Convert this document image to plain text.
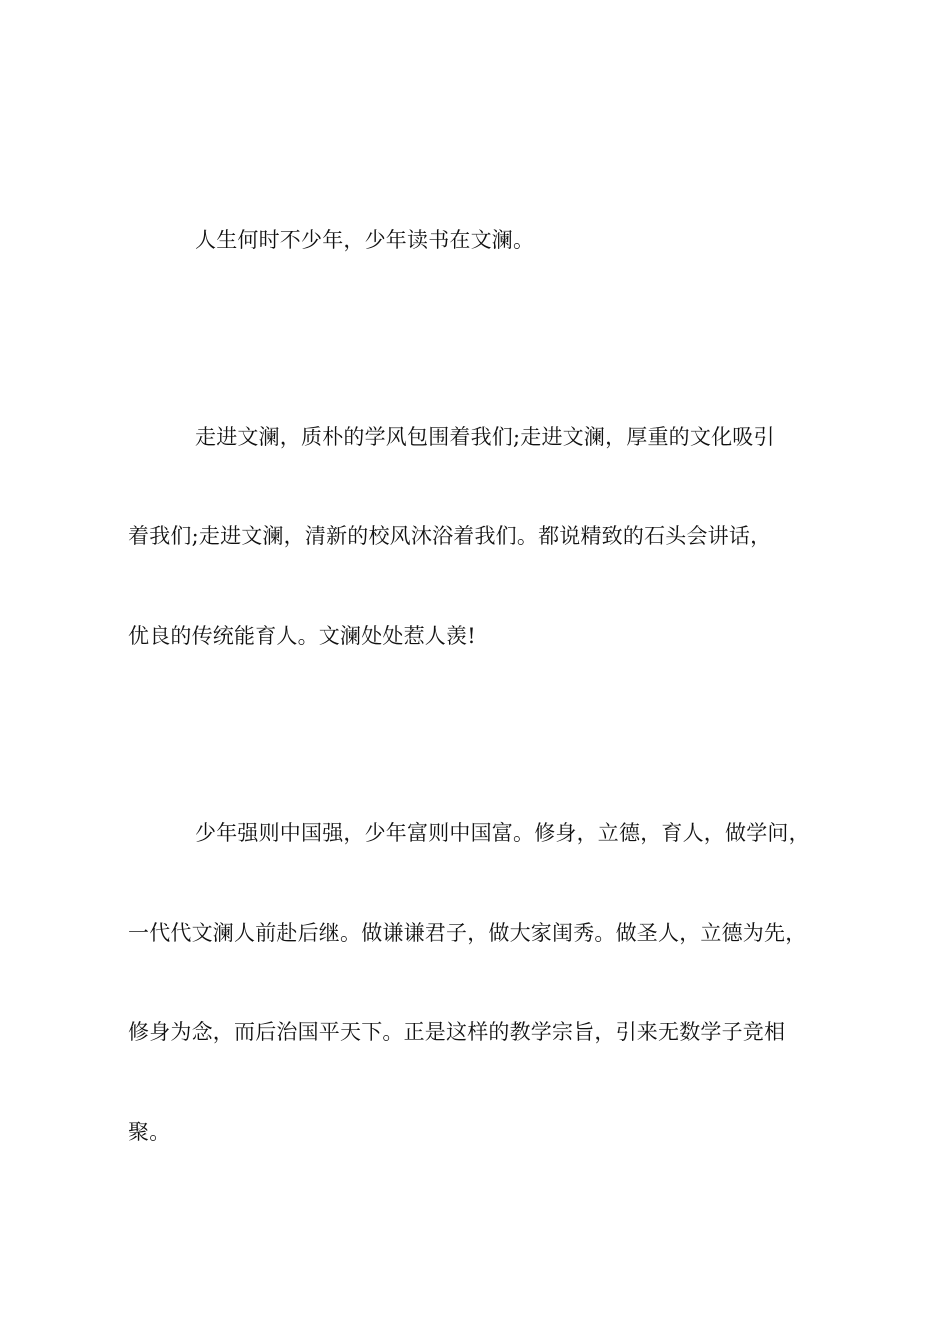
人生何时不少年，少年读书在文澜。
走进文澜，质朴的学风包围着我们;走进文澜，厚重的文化吸引
着我们;走进文澜，清新的校风沐浴着我们。都说精致的石头会讲话，
优良的传统能育人。文澜处处惹人羡!
少年强则中国强，少年富则中国富。修身，立德，育人，做学问，
一代代文澜人前赴后继。做谦谦君子，做大家闺秀。做圣人，立德为先，
修身为念，而后治国平天下。正是这样的教学宗旨，引来无数学子竞相
聚。
